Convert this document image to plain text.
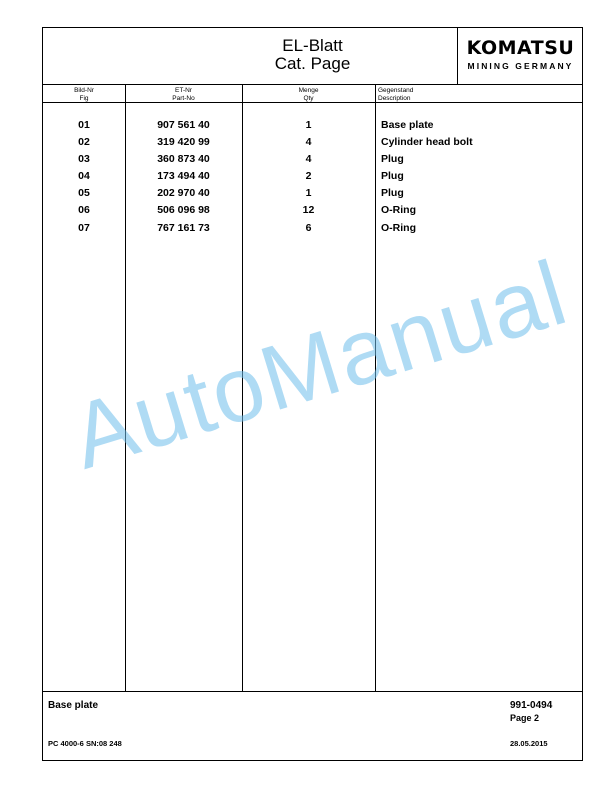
EL-Blatt
Cat. Page
KOMATSU
MINING GERMANY
Bild-Nr
Fig
ET-Nr
Part-No
Menge
Qty
Gegenstand
Description
01	907 561 40	1	Base plate
02	319 420 99	4	Cylinder head bolt
03	360 873 40	4	Plug
04	173 494 40	2	Plug
05	202 970 40	1	Plug
06	506 096 98	12	O-Ring
07	767 161 73	6	O-Ring
Base plate	991-0494
Page 2
PC 4000-6 SN:08 248	28.05.2015
AutoManual
